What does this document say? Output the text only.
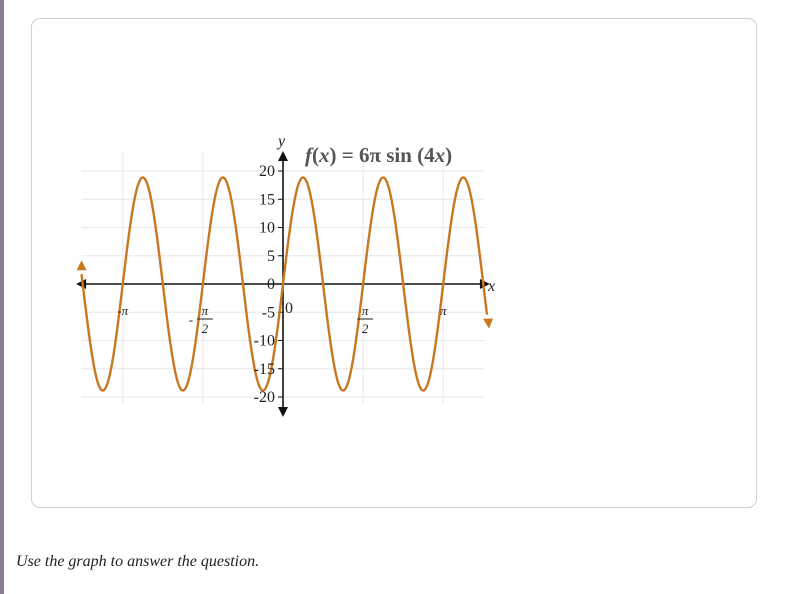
20
15
10
5
0
-5
-10
-15
-20
-π
-
π
2
π
2
π
0
f(x) = 6π sin (4x)
y
x
Use the graph to answer the question.
